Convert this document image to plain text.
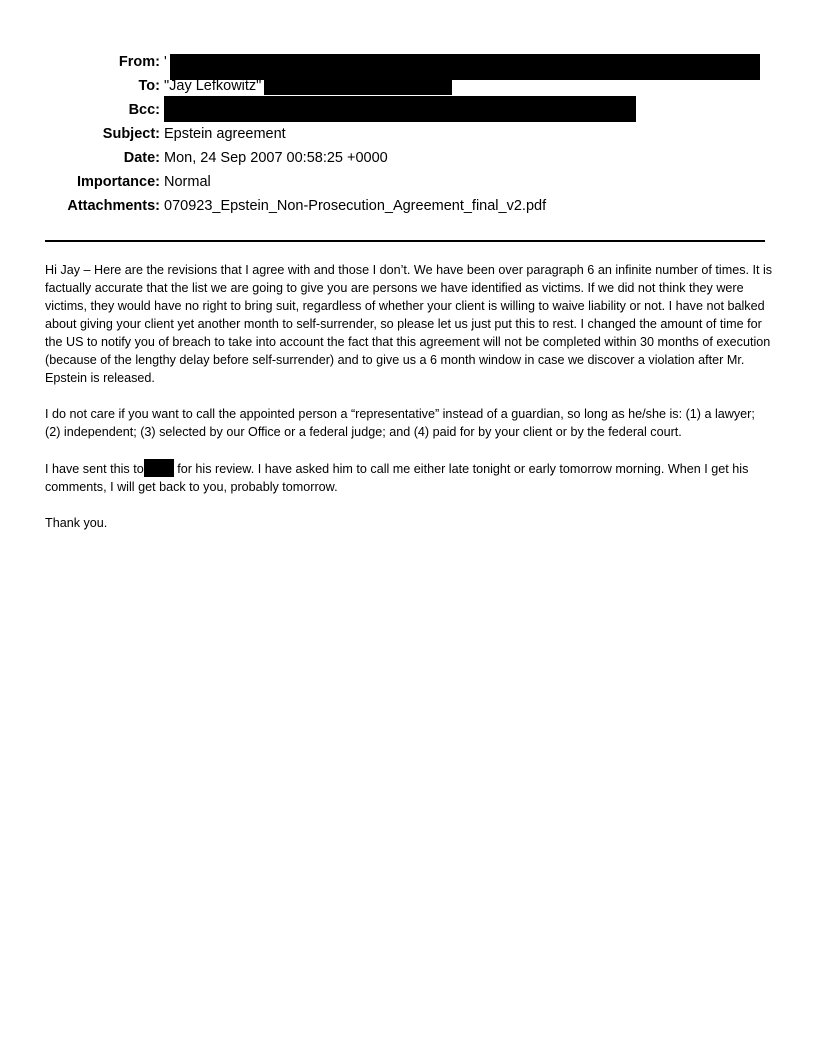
From: '
To: "Jay Lefkowitz"
Bcc:
Subject: Epstein agreement
Date: Mon, 24 Sep 2007 00:58:25 +0000
Importance: Normal
Attachments: 070923_Epstein_Non-Prosecution_Agreement_final_v2.pdf

Hi Jay – Here are the revisions that I agree with and those I don’t. We have been over paragraph 6 an infinite number of times. It is factually accurate that the list we are going to give you are persons we have identified as victims. If we did not think they were victims, they would have no right to bring suit, regardless of whether your client is willing to waive liability or not. I have not balked about giving your client yet another month to self-surrender, so please let us just put this to rest. I changed the amount of time for the US to notify you of breach to take into account the fact that this agreement will not be completed within 30 months of execution (because of the lengthy delay before self-surrender) and to give us a 6 month window in case we discover a violation after Mr. Epstein is released.

I do not care if you want to call the appointed person a “representative” instead of a guardian, so long as he/she is: (1) a lawyer; (2) independent; (3) selected by our Office or a federal judge; and (4) paid for by your client or by the federal court.

I have sent this to for his review. I have asked him to call me either late tonight or early tomorrow morning. When I get his comments, I will get back to you, probably tomorrow.

Thank you.
